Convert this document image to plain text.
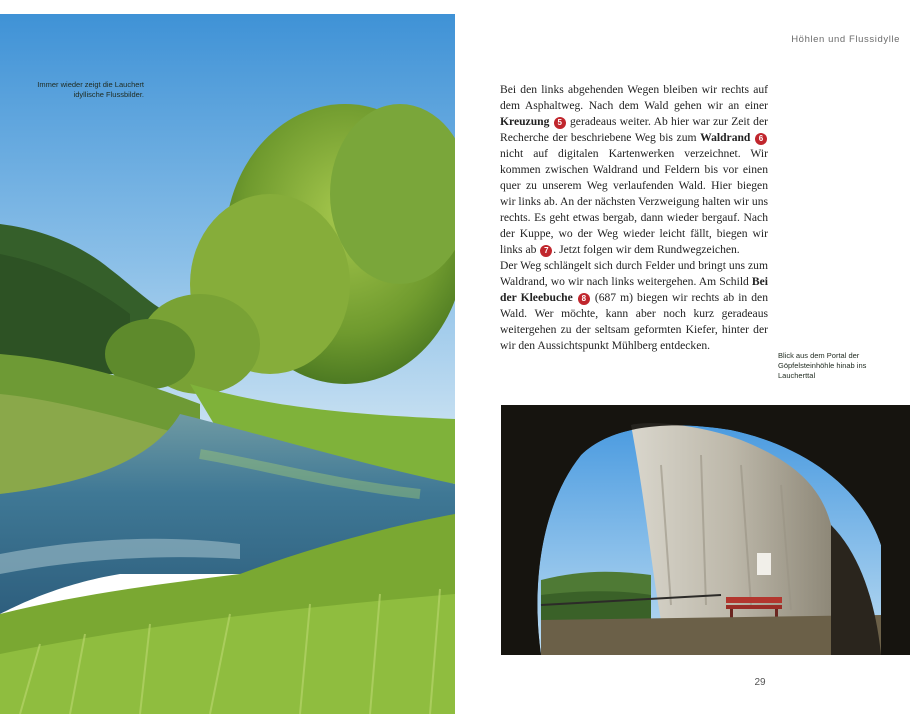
Immer wieder zeigt die Lauchert
idyllische Flussbilder.
Höhlen und Flussidylle

Bei den links abgehenden Wegen bleiben wir rechts auf dem Asphaltweg. Nach dem Wald gehen wir an einer Kreuzung 5 geradeaus weiter. Ab hier war zur Zeit der Recherche der beschriebene Weg bis zum Waldrand 6 nicht auf digitalen Kartenwerken verzeichnet. Wir kommen zwischen Waldrand und Feldern bis vor einen quer zu unserem Weg verlaufenden Wald. Hier biegen wir links ab. An der nächsten Verzweigung halten wir uns rechts. Es geht etwas bergab, dann wieder bergauf. Nach der Kuppe, wo der Weg wieder leicht fällt, biegen wir links ab 7 . Jetzt folgen wir dem Rundwegzeichen.

Der Weg schlängelt sich durch Felder und bringt uns zum Waldrand, wo wir nach links weitergehen. Am Schild Bei der Kleebuche 8 (687 m) biegen wir rechts ab in den Wald. Wer möchte, kann aber noch kurz geradeaus weitergehen zu der seltsam geformten Kiefer, hinter der wir den Aussichtspunkt Mühlberg entdecken.

Blick aus dem Portal der Göpfelsteinhöhle hinab ins Laucherttal
29
